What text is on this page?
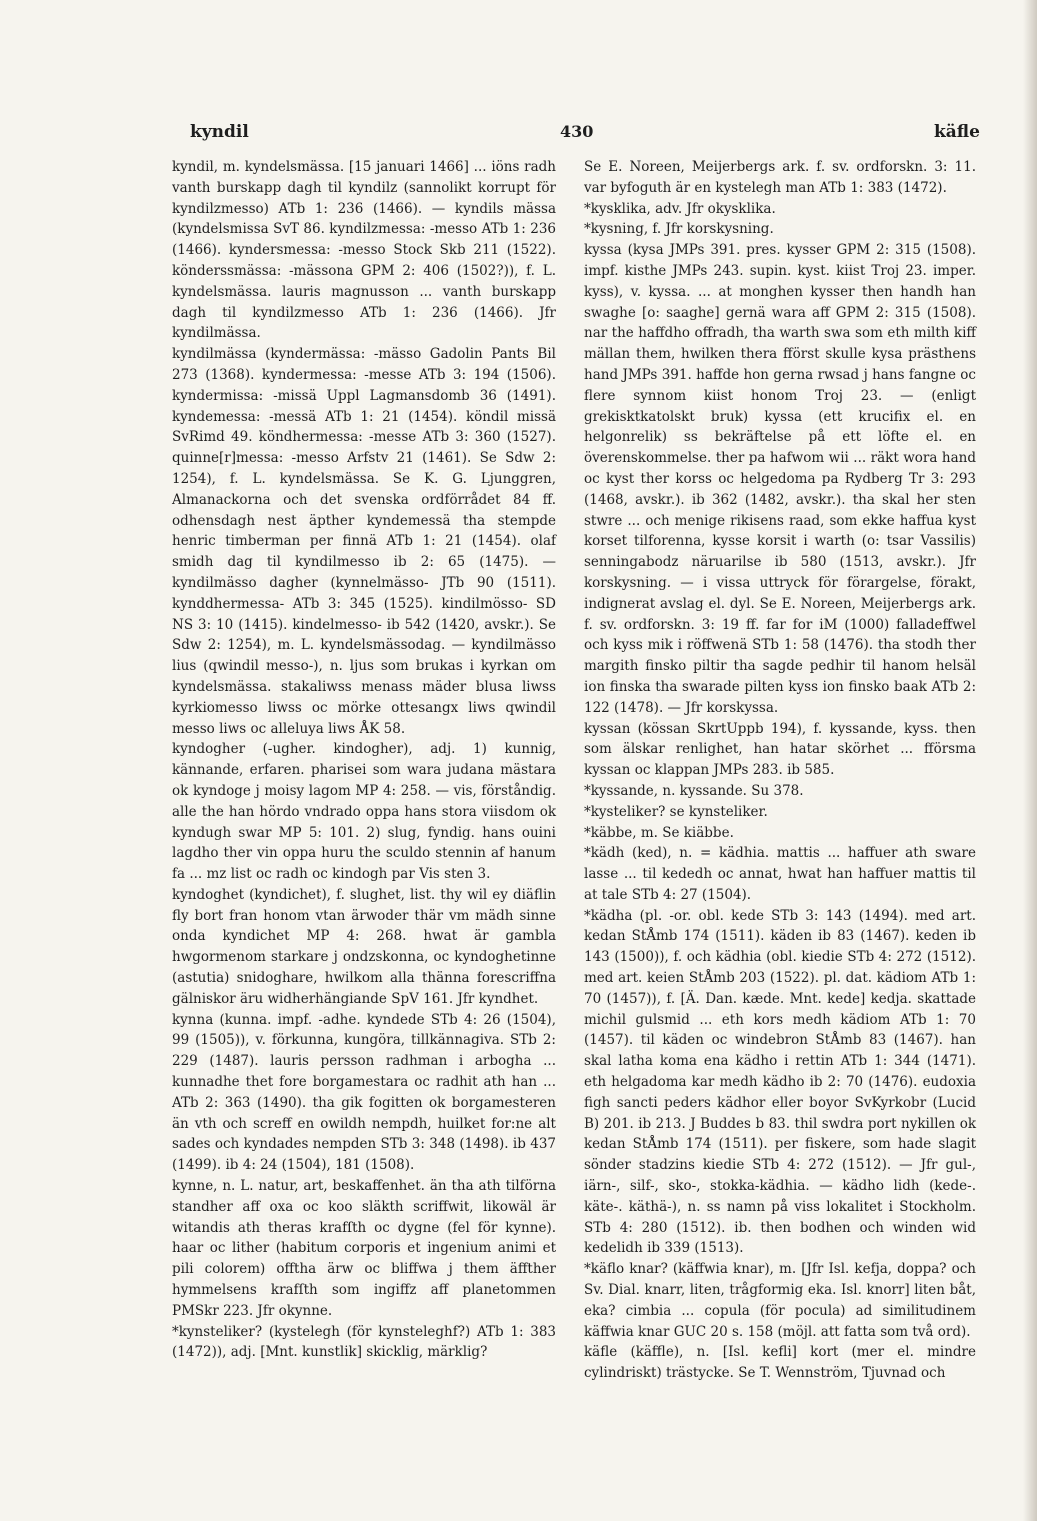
kyndil	430	käfle

kyndil, m. kyndelsmässa. [15 januari 1466] ... iöns radh vanth burskapp dagh til kyndilz (sannolikt korrupt för kyndilzmesso) ATb 1: 236 (1466). — kyndils mässa (kyndelsmissa SvT 86. kyndilzmessa: -messo ATb 1: 236 (1466). kyndersmessa: -messo Stock Skb 211 (1522). könderssmässa: -mässona GPM 2: 406 (1502?)), f. L. kyndelsmässa. lauris magnusson ... vanth burskapp dagh til kyndilzmesso ATb 1: 236 (1466). Jfr kyndilmässa.

kyndilmässa (kyndermässa: -mässo Gadolin Pants Bil 273 (1368). kyndermessa: -messe ATb 3: 194 (1506). kyndermissa: -missä Uppl Lagmansdomb 36 (1491). kyndemessa: -messä ATb 1: 21 (1454). köndil missä SvRimd 49. köndhermessa: -messe ATb 3: 360 (1527). quinne[r]messa: -messo Arfstv 21 (1461). Se Sdw 2: 1254), f. L. kyndelsmässa. Se K. G. Ljunggren, Almanackorna och det svenska ordförrådet 84 ff. odhensdagh nest äpther kyndemessä tha stempde henric timberman per finnä ATb 1: 21 (1454). olaf smidh dag til kyndilmesso ib 2: 65 (1475). — kyndilmässo dagher (kynnelmässo- JTb 90 (1511). kynddhermessa- ATb 3: 345 (1525). kindilmösso- SD NS 3: 10 (1415). kindelmesso- ib 542 (1420, avskr.). Se Sdw 2: 1254), m. L. kyndelsmässodag. — kyndilmässo lius (qwindil messo-), n. ljus som brukas i kyrkan om kyndelsmässa. stakaliwss menass mäder blusa liwss kyrkiomesso liwss oc mörke ottesangx liws qwindil messo liws oc alleluya liws ÅK 58.

kyndogher (-ugher. kindogher), adj. 1) kunnig, kännande, erfaren. pharisei som wara judana mästara ok kyndoge j moisy lagom MP 4: 258. — vis, förståndig. alle the han hördo vndrado oppa hans stora viisdom ok kyndugh swar MP 5: 101. 2) slug, fyndig. hans ouini lagdho ther vin oppa huru the sculdo stennin af hanum fa ... mz list oc radh oc kindogh par Vis sten 3.

kyndoghet (kyndichet), f. slughet, list. thy wil ey diäflin fly bort fran honom vtan ärwoder thär vm mädh sinne onda kyndichet MP 4: 268. hwat är gambla hwgormenom starkare j ondzskonna, oc kyndoghetinne (astutia) snidoghare, hwilkom alla thänna forescriffna gälniskor äru widherhängiande SpV 161. Jfr kyndhet.

kynna (kunna. impf. -adhe. kyndede STb 4: 26 (1504), 99 (1505)), v. förkunna, kungöra, tillkännagiva. STb 2: 229 (1487). lauris persson radhman i arbogha ... kunnadhe thet fore borgamestara oc radhit ath han ... ATb 2: 363 (1490). tha gik fogitten ok borgamesteren än vth och screff en owildh nempdh, huilket for:ne alt sades och kyndades nempden STb 3: 348 (1498). ib 437 (1499). ib 4: 24 (1504), 181 (1508).

kynne, n. L. natur, art, beskaffenhet. än tha ath tilförna standher aff oxa oc koo släkth scriffwit, likowäl är witandis ath theras krafſth oc dygne (fel för kynne). haar oc lither (habitum corporis et ingenium animi et pili colorem) offtha ärw oc bliffwa j them äffther hymmelsens krafſth som ingiffz aff planetommen PMSkr 223. Jfr okynne.

*kynsteliker? (kystelegh (för kynsteleghf?) ATb 1: 383 (1472)), adj. [Mnt. kunstlik] skicklig, märklig?

Se E. Noreen, Meijerbergs ark. f. sv. ordforskn. 3: 11. var byfoguth är en kystelegh man ATb 1: 383 (1472).

*kysklika, adv. Jfr okysklika.

*kysning, f. Jfr korskysning.

kyssa (kysa JMPs 391. pres. kysser GPM 2: 315 (1508). impf. kisthe JMPs 243. supin. kyst. kiist Troj 23. imper. kyss), v. kyssa. ... at monghen kysser then handh han swaghe [o: saaghe] gernä wara aff GPM 2: 315 (1508). nar the haffdho offradh, tha warth swa som eth milth kiff mällan them, hwilken thera fförst skulle kysa prästhens hand JMPs 391. haffde hon gerna rwsad j hans fangne oc flere synnom kiist honom Troj 23. — (enligt grekisktkatolskt bruk) kyssa (ett krucifix el. en helgonrelik) ss bekräftelse på ett löfte el. en överenskommelse. ther pa hafwom wii ... räkt wora hand oc kyst ther korss oc helgedoma pa Rydberg Tr 3: 293 (1468, avskr.). ib 362 (1482, avskr.). tha skal her sten stwre ... och menige rikisens raad, som ekke haffua kyst korset tilforenna, kysse korsit i warth (o: tsar Vassilis) senningabodz näruarilse ib 580 (1513, avskr.). Jfr korskysning. — i vissa uttryck för förargelse, förakt, indignerat avslag el. dyl. Se E. Noreen, Meijerbergs ark. f. sv. ordforskn. 3: 19 ff. far for iM (1000) falladeffwel och kyss mik i röffwenä STb 1: 58 (1476). tha stodh ther margith finsko piltir tha sagde pedhir til hanom helsäl ion finska tha swarade pilten kyss ion finsko baak ATb 2: 122 (1478). — Jfr korskyssa.

kyssan (kössan SkrtUppb 194), f. kyssande, kyss. then som älskar renlighet, han hatar skörhet ... fförsma kyssan oc klappan JMPs 283. ib 585.

*kyssande, n. kyssande. Su 378.

*kysteliker? se kynsteliker.

*käbbe, m. Se kiäbbe.

*kädh (ked), n. = kädhia. mattis ... haffuer ath sware lasse ... til kededh oc annat, hwat han haffuer mattis til at tale STb 4: 27 (1504).

*kädha (pl. -or. obl. kede STb 3: 143 (1494). med art. kedan StÅmb 174 (1511). käden ib 83 (1467). keden ib 143 (1500)), f. och kädhia (obl. kiedie STb 4: 272 (1512). med art. keien StÅmb 203 (1522). pl. dat. kädiom ATb 1: 70 (1457)), f. [Ä. Dan. kæde. Mnt. kede] kedja. skattade michil gulsmid ... eth kors medh kädiom ATb 1: 70 (1457). til käden oc windebron StÅmb 83 (1467). han skal latha koma ena kädho i rettin ATb 1: 344 (1471). eth helgadoma kar medh kädho ib 2: 70 (1476). eudoxia figh sancti peders kädhor eller boyor SvKyrkobr (Lucid B) 201. ib 213. J Buddes b 83. thil swdra port nykillen ok kedan StÅmb 174 (1511). per fiskere, som hade slagit sönder stadzins kiedie STb 4: 272 (1512). — Jfr gul-, iärn-, silf-, sko-, stokka-kädhia. — kädho lidh (kede-. käte-. käthä-), n. ss namn på viss lokalitet i Stockholm. STb 4: 280 (1512). ib. then bodhen och winden wid kedelidh ib 339 (1513).

*käflo knar? (käffwia knar), m. [Jfr Isl. kefja, doppa? och Sv. Dial. knarr, liten, trågformig eka. Isl. knorr] liten båt, eka? cimbia ... copula (för pocula) ad similitudinem käffwia knar GUC 20 s. 158 (möjl. att fatta som två ord).

käfle (käffle), n. [Isl. kefli] kort (mer el. mindre cylindriskt) trästycke. Se T. Wennström, Tjuvnad och
